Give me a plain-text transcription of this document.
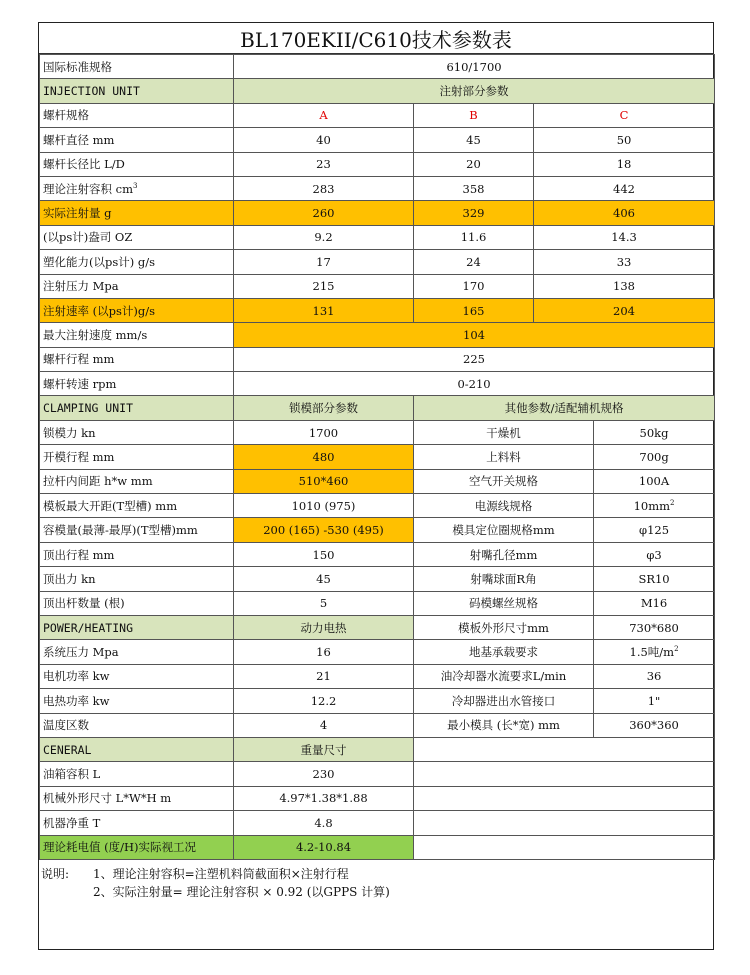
BL170EKII/C610技术参数表
国际标准规格	610/1700				
INJECTION UNIT	注射部分参数				
螺杆规格	A	B	C	
螺杆直径 mm	40	45	50	
螺杆长径比 L/D	23	20	18	
理论注射容积 $cm^3$	283	358	442	
实际注射量 g	260	329	406	
(以ps计)盎司 OZ	9.2	11.6	14.3	
塑化能力(以ps计) g/s	17	24	33	
注射压力 Mpa	215	170	138	
注射速率 (以ps计)g/s	131	165	204	
最大注射速度 mm/s	104				
螺杆行程 mm	225				
螺杆转速 rpm	0-210				
CLAMPING UNIT	锁模部分参数	其他参数/适配辅机规格			
锁模力 kn	1700	干燥机		50kg	
开模行程 mm	480	上料料		700g	
拉杆内间距 h*w mm	510*460	空气开关规格		100A	
模板最大开距(T型槽) mm	1010 (975)	电源线规格		$10mm^2$
容模量(最薄-最厚)(T型槽)mm	200 (165) -530 (495)	模具定位圈规格mm		φ125	
顶出行程 mm	150	射嘴孔径mm		φ3	
顶出力 kn	45	射嘴球面R角		SR10	
顶出杆数量 (根)	5	码模螺丝规格		M16	
POWER/HEATING	动力电热	模板外形尺寸mm		730*680	
系统压力 Mpa	16	地基承载要求		1.5吨$/m^2$
电机功率 kw	21	油冷却器水流要求L/min		36	
电热功率 kw	12.2	冷却器进出水管接口		1"	
温度区数	4	最小模具 (长*宽) mm		360*360	
CENERAL	重量尺寸				
油箱容积 L	230				
机械外形尺寸 L*W*H m	4.97*1.38*1.88				
机器净重 T	4.8				
理论耗电值 (度/H)实际视工况	4.2-10.84				
说明: 1、理论注射容积=注塑机料筒截面积×注射行程
2、实际注射量= 理论注射容积 × 0.92 (以GPPS 计算)
